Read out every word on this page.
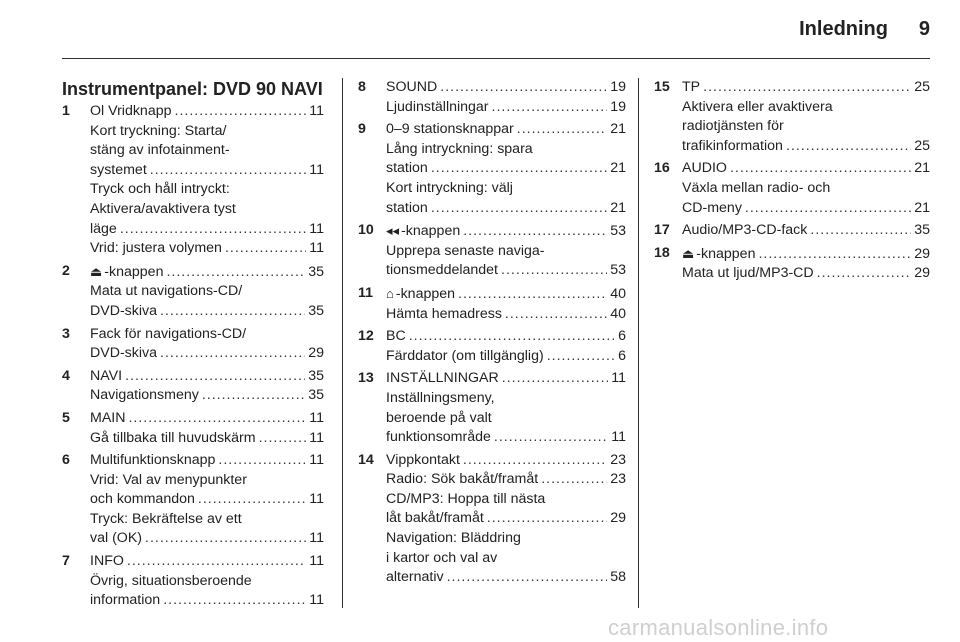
Inledning	9
Instrumentpanel: DVD 90 NAVI
1 Ol Vridknapp .....	11
Kort tryckning: Starta/
stäng av infotainment-
systemet .....	11
Tryck och håll intryckt:
Aktivera/avaktivera tyst
läge .....	11
Vrid: justera volymen .....	11
2 ⏏ -knappen .....	35
Mata ut navigations-CD/
DVD-skiva .....	35
3 Fack för navigations-CD/
DVD-skiva .....	29
4 NAVI .....	35
Navigationsmeny .....	35
5 MAIN .....	11
Gå tillbaka till huvudskärm .....	11
6 Multifunktionsknapp .....	11
Vrid: Val av menypunkter
och kommandon .....	11
Tryck: Bekräftelse av ett
val (OK) .....	11
7 INFO .....	11
Övrig, situationsberoende
information .....	11
8 SOUND .....	19
Ljudinställningar .....	19
9 0–9 stationsknappar .....	21
Lång intryckning: spara
station .....	21
Kort intryckning: välj
station .....	21
10 ◂◂ -knappen .....	53
Upprepa senaste naviga-
tionsmeddelandet .....	53
11 ⌂ -knappen .....	40
Hämta hemadress .....	40
12 BC .....	6
Färddator (om tillgänglig) .....	6
13 INSTÄLLNINGAR .....	11
Inställningsmeny,
beroende på valt
funktionsområde .....	11
14 Vippkontakt .....	23
Radio: Sök bakåt/framåt .....	23
CD/MP3: Hoppa till nästa
låt bakåt/framåt .....	29
Navigation: Bläddring
i kartor och val av
alternativ .....	58
15 TP .....	25
Aktivera eller avaktivera
radiotjänsten för
trafikinformation .....	25
16 AUDIO .....	21
Växla mellan radio- och
CD-meny .....	21
17 Audio/MP3-CD-fack .....	35
18 ⏏ -knappen .....	29
Mata ut ljud/MP3-CD .....	29
carmanualsonline.info
